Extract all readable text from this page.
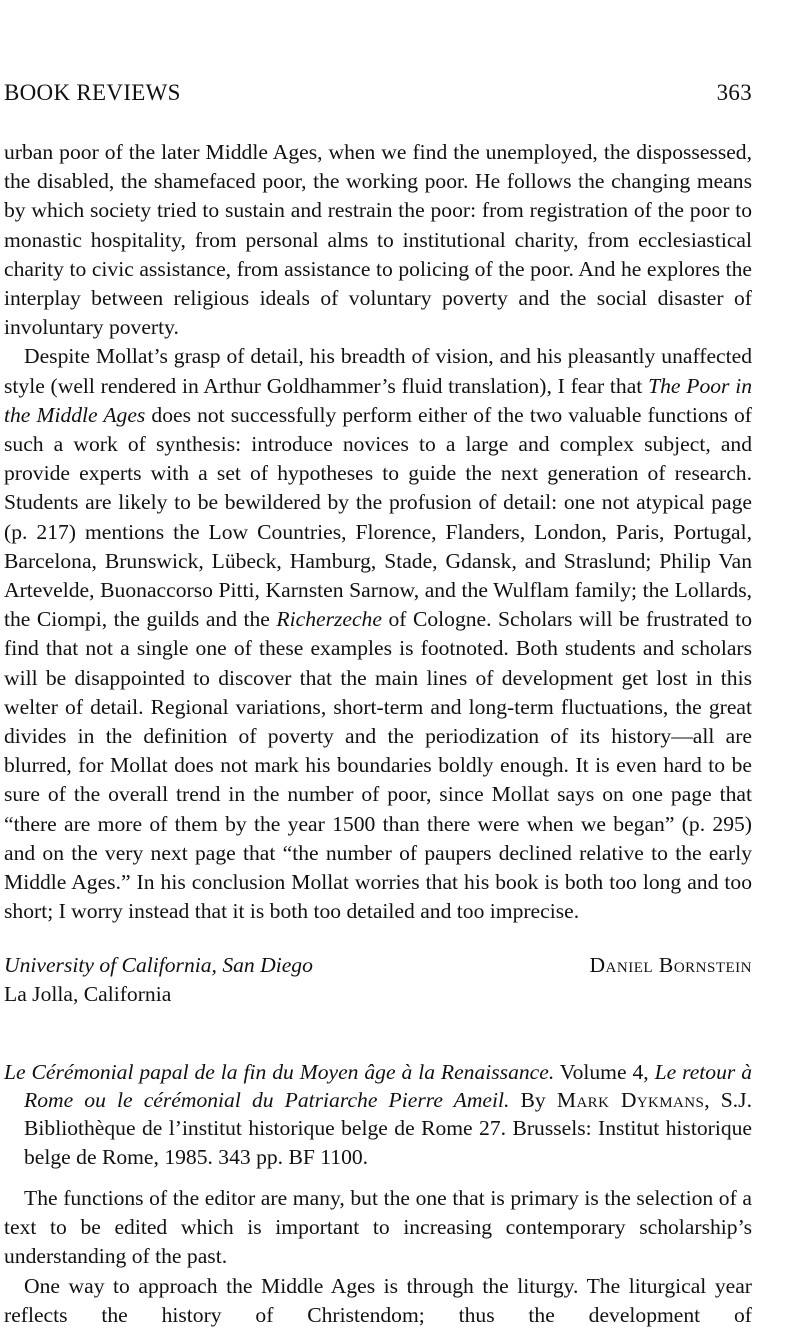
BOOK REVIEWS	363

urban poor of the later Middle Ages, when we find the unemployed, the dispossessed, the disabled, the shamefaced poor, the working poor. He follows the changing means by which society tried to sustain and restrain the poor: from registration of the poor to monastic hospitality, from personal alms to institutional charity, from ecclesiastical charity to civic assistance, from assistance to policing of the poor. And he explores the interplay between religious ideals of voluntary poverty and the social disaster of involuntary poverty.

Despite Mollat’s grasp of detail, his breadth of vision, and his pleasantly unaffected style (well rendered in Arthur Goldhammer’s fluid translation), I fear that The Poor in the Middle Ages does not successfully perform either of the two valuable functions of such a work of synthesis: introduce novices to a large and complex subject, and provide experts with a set of hypotheses to guide the next generation of research. Students are likely to be bewildered by the profusion of detail: one not atypical page (p. 217) mentions the Low Countries, Florence, Flanders, London, Paris, Portugal, Barcelona, Brunswick, Lübeck, Hamburg, Stade, Gdansk, and Straslund; Philip Van Artevelde, Buonaccorso Pitti, Karnsten Sarnow, and the Wulflam family; the Lollards, the Ciompi, the guilds and the Richerzeche of Cologne. Scholars will be frustrated to find that not a single one of these examples is footnoted. Both students and scholars will be disappointed to discover that the main lines of development get lost in this welter of detail. Regional variations, short-term and long-term fluctuations, the great divides in the definition of poverty and the periodization of its history—all are blurred, for Mollat does not mark his boundaries boldly enough. It is even hard to be sure of the overall trend in the number of poor, since Mollat says on one page that “there are more of them by the year 1500 than there were when we began” (p. 295) and on the very next page that “the number of paupers declined relative to the early Middle Ages.” In his conclusion Mollat worries that his book is both too long and too short; I worry instead that it is both too detailed and too imprecise.

University of California, San Diego	Daniel Bornstein
La Jolla, California

Le Cérémonial papal de la fin du Moyen âge à la Renaissance. Volume 4, Le retour à Rome ou le cérémonial du Patriarche Pierre Ameil. By Mark Dykmans, S.J. Bibliothèque de l’institut historique belge de Rome 27. Brussels: Institut historique belge de Rome, 1985. 343 pp. BF 1100.

The functions of the editor are many, but the one that is primary is the selection of a text to be edited which is important to increasing contemporary scholarship’s understanding of the past.

One way to approach the Middle Ages is through the liturgy. The liturgical year reflects the history of Christendom; thus the development of
